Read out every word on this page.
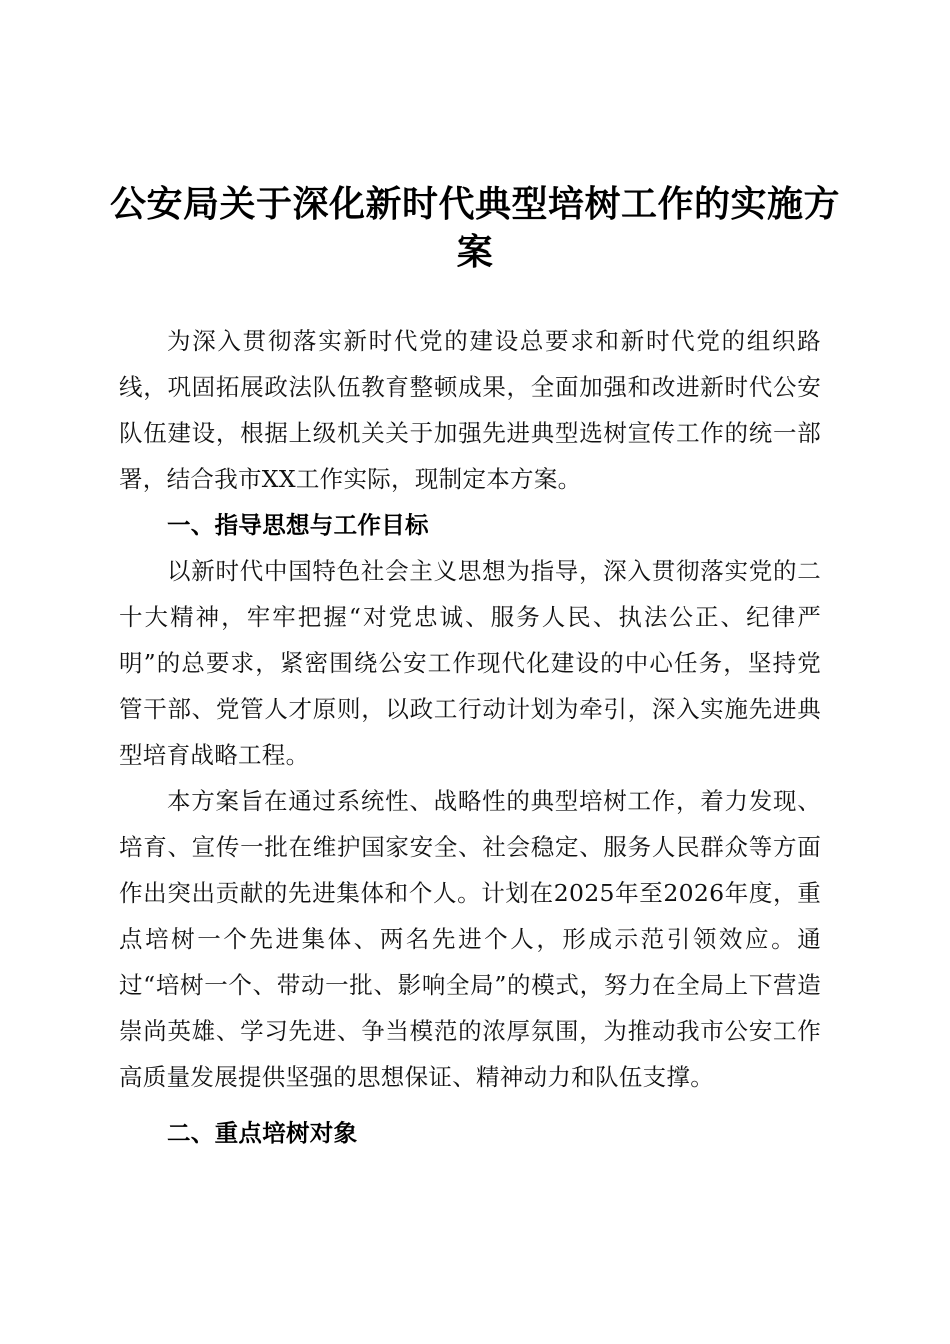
公安局关于深化新时代典型培树工作的实施方案

为深入贯彻落实新时代党的建设总要求和新时代党的组织路线，巩固拓展政法队伍教育整顿成果，全面加强和改进新时代公安队伍建设，根据上级机关关于加强先进典型选树宣传工作的统一部署，结合我市XX工作实际，现制定本方案。

一、指导思想与工作目标

以新时代中国特色社会主义思想为指导，深入贯彻落实党的二十大精神，牢牢把握“对党忠诚、服务人民、执法公正、纪律严明”的总要求，紧密围绕公安工作现代化建设的中心任务，坚持党管干部、党管人才原则，以政工行动计划为牵引，深入实施先进典型培育战略工程。

本方案旨在通过系统性、战略性的典型培树工作，着力发现、培育、宣传一批在维护国家安全、社会稳定、服务人民群众等方面作出突出贡献的先进集体和个人。计划在2025年至2026年度，重点培树一个先进集体、两名先进个人，形成示范引领效应。通过“培树一个、带动一批、影响全局”的模式，努力在全局上下营造崇尚英雄、学习先进、争当模范的浓厚氛围，为推动我市公安工作高质量发展提供坚强的思想保证、精神动力和队伍支撑。

二、重点培树对象
